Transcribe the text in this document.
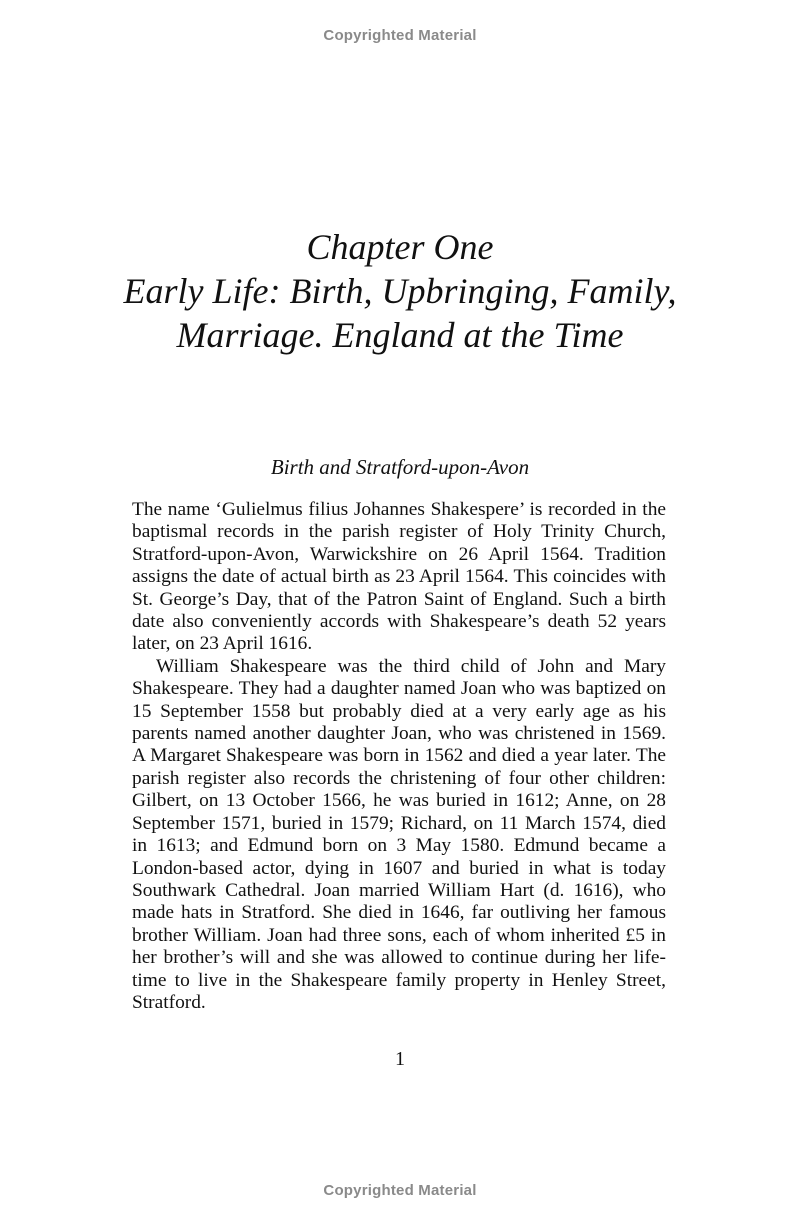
Copyrighted Material
Chapter One
Early Life: Birth, Upbringing, Family,
Marriage. England at the Time
Birth and Stratford-upon-Avon

The name ‘Gulielmus filius Johannes Shakespere’ is recorded in the baptismal records in the parish register of Holy Trinity Church, Stratford-upon-Avon, Warwickshire on 26 April 1564. Tradition assigns the date of actual birth as 23 April 1564. This coincides with St. George’s Day, that of the Patron Saint of England. Such a birth date also conveniently accords with Shakespeare’s death 52 years later, on 23 April 1616.

William Shakespeare was the third child of John and Mary Shakespeare. They had a daughter named Joan who was baptized on 15 September 1558 but probably died at a very early age as his parents named another daughter Joan, who was christened in 1569. A Margaret Shakespeare was born in 1562 and died a year later. The parish register also records the christening of four other children: Gilbert, on 13 October 1566, he was buried in 1612; Anne, on 28 September 1571, buried in 1579; Richard, on 11 March 1574, died in 1613; and Edmund born on 3 May 1580. Edmund became a London-based actor, dying in 1607 and buried in what is today Southwark Cathedral. Joan married William Hart (d. 1616), who made hats in Stratford. She died in 1646, far outliving her famous brother William. Joan had three sons, each of whom inherited £5 in her brother’s will and she was allowed to continue during her lifetime to live in the Shakespeare family property in Henley Street, Stratford.

1
Copyrighted Material
